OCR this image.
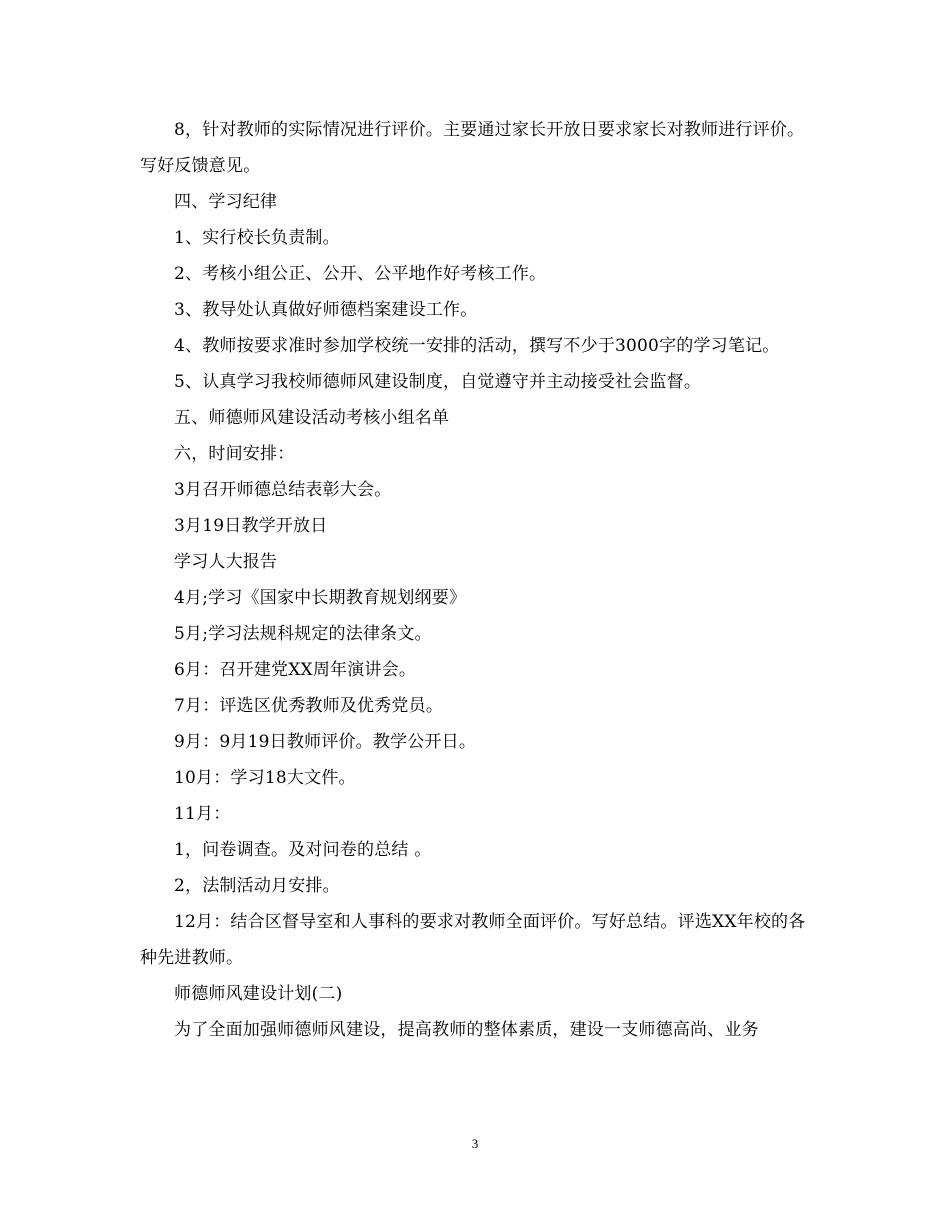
8，针对教师的实际情况进行评价。主要通过家长开放日要求家长对教师进行评价。写好反馈意见。

四、学习纪律

1、实行校长负责制。

2、考核小组公正、公开、公平地作好考核工作。

3、教导处认真做好师德档案建设工作。

4、教师按要求准时参加学校统一安排的活动，撰写不少于3000字的学习笔记。

5、认真学习我校师德师风建设制度，自觉遵守并主动接受社会监督。

五、师德师风建设活动考核小组名单

六，时间安排：

3月召开师德总结表彰大会。

3月19日教学开放日

学习人大报告

4月;学习《国家中长期教育规划纲要》

5月;学习法规科规定的法律条文。

6月：召开建党XX周年演讲会。

7月：评选区优秀教师及优秀党员。

9月：9月19日教师评价。教学公开日。

10月：学习18大文件。

11月：

1，问卷调查。及对问卷的总结 。

2，法制活动月安排。

12月：结合区督导室和人事科的要求对教师全面评价。写好总结。评选XX年校的各种先进教师。

师德师风建设计划(二)

为了全面加强师德师风建设，提高教师的整体素质，建设一支师德高尚、业务

3
